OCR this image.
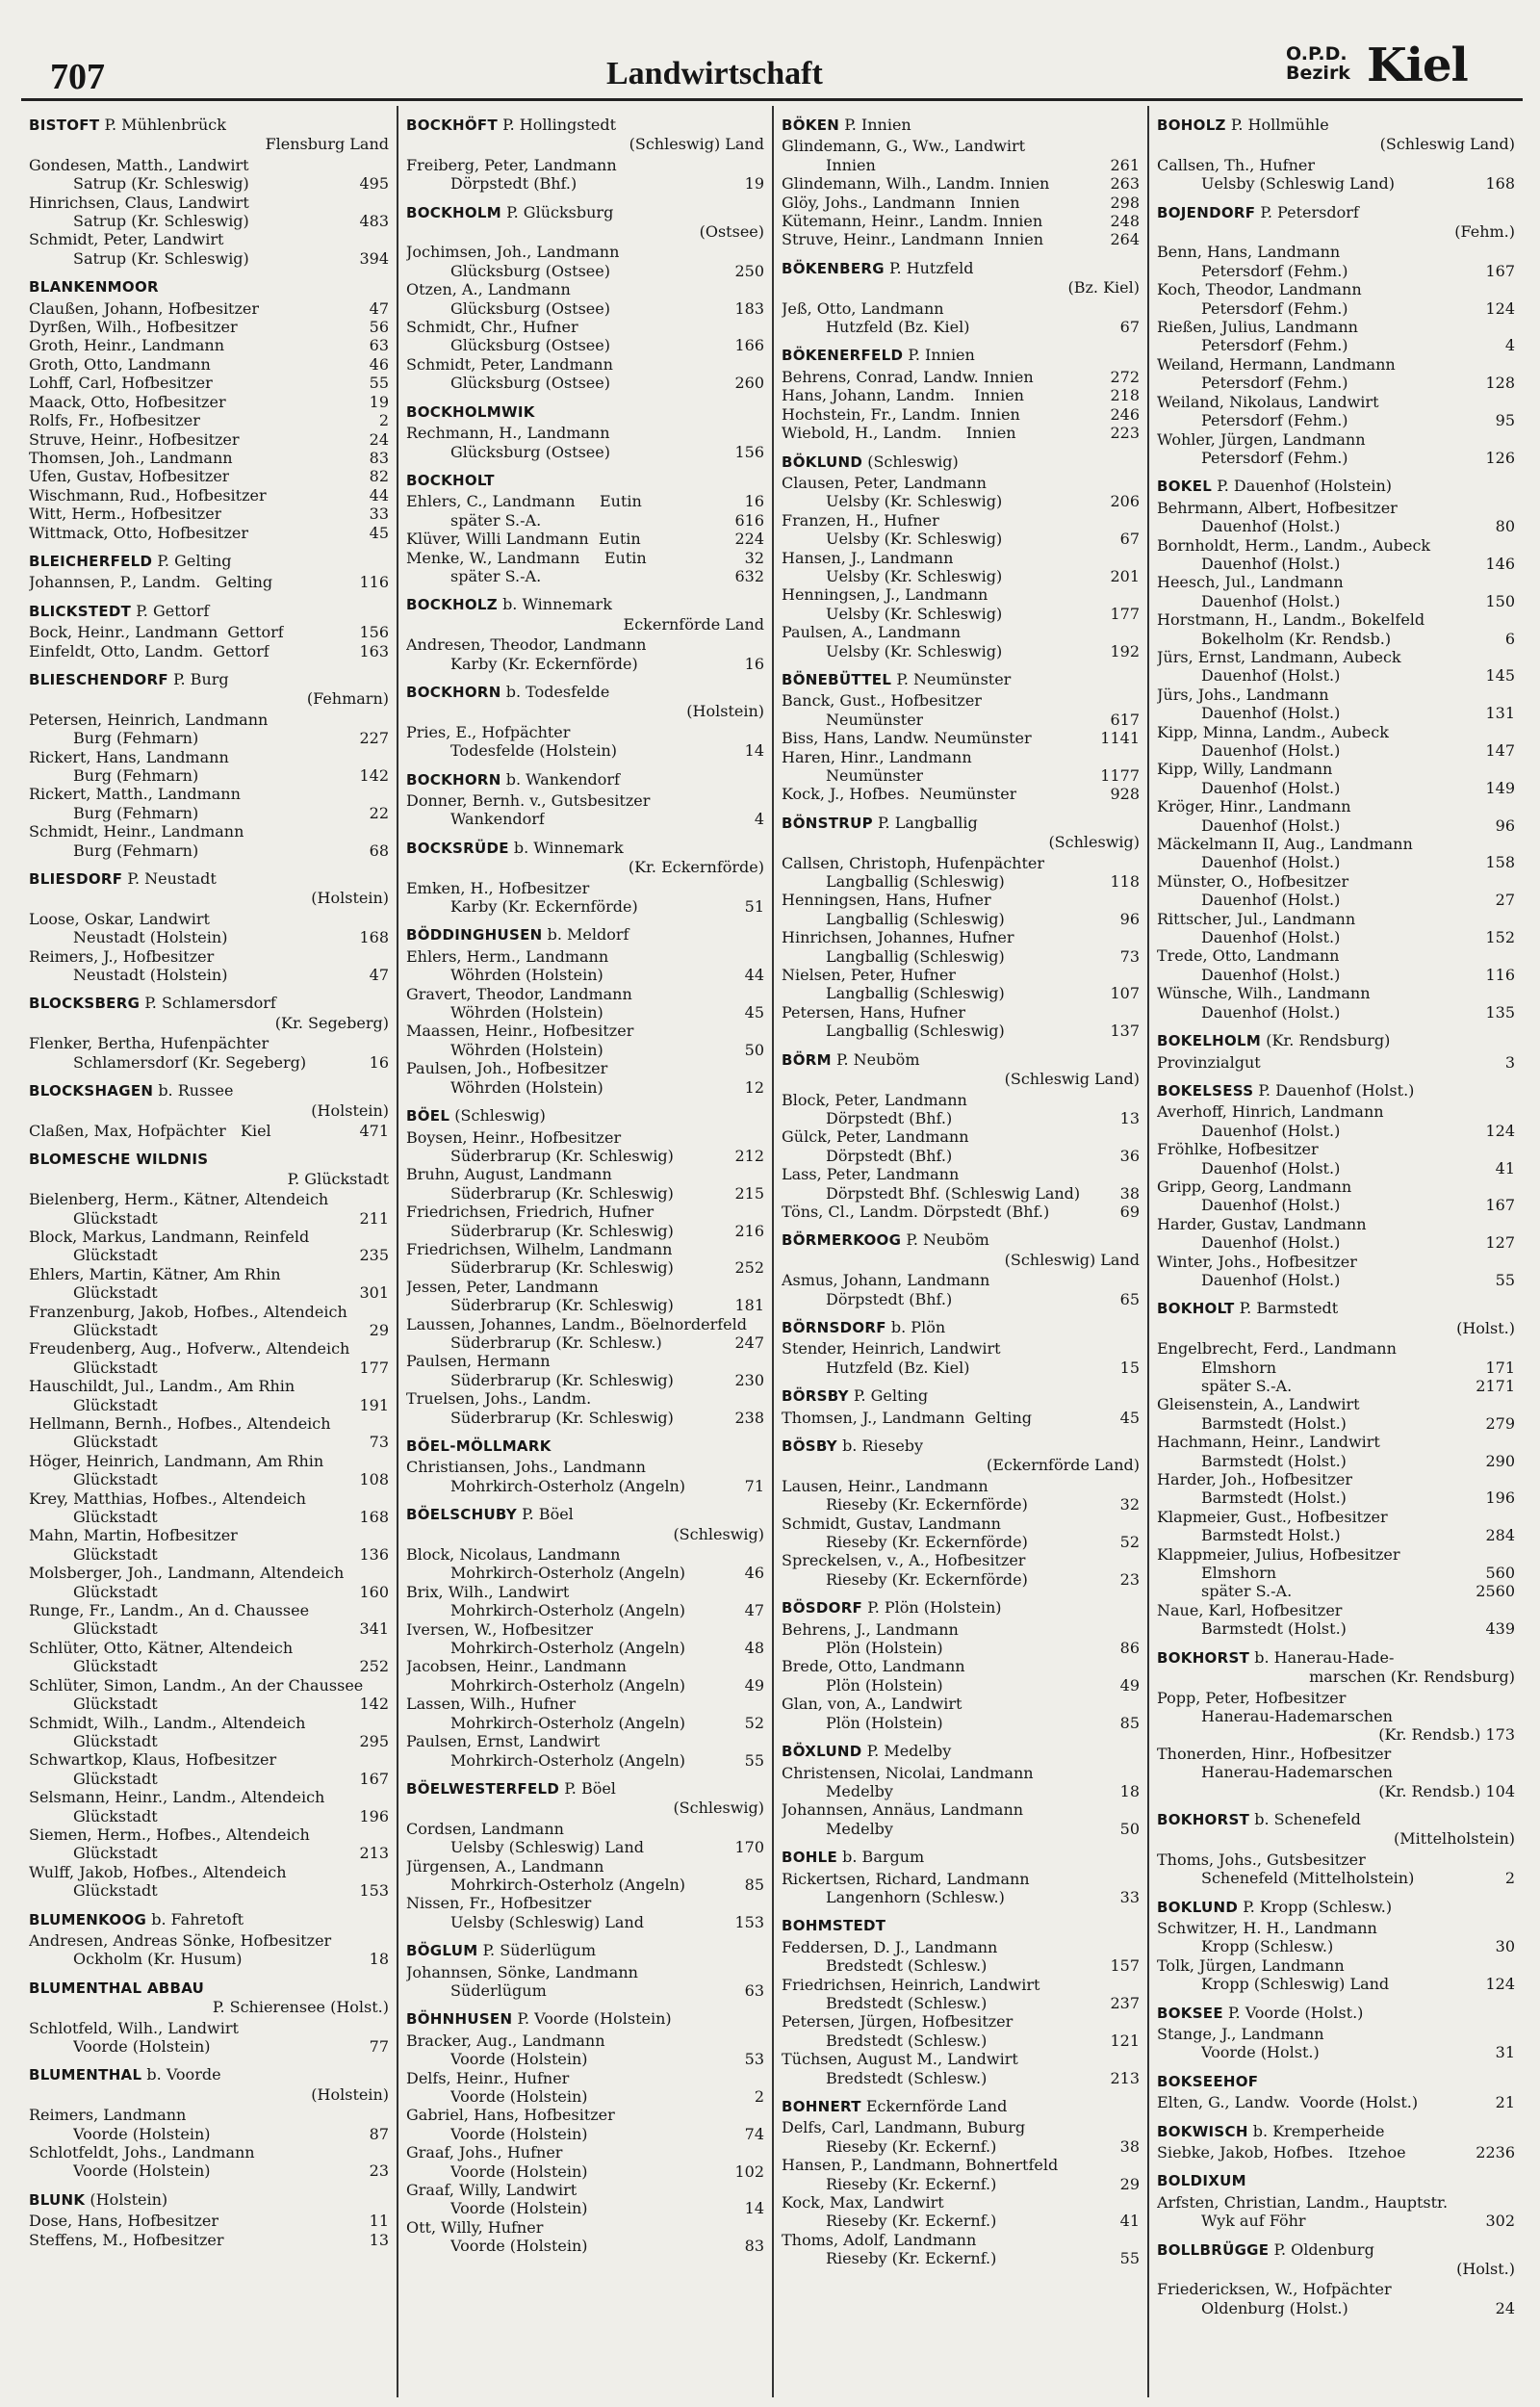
707	Landwirtschaft
O.P.D.
Bezirk Kiel
BISTOFT P. Mühlenbrück
Flensburg Land
Gondesen, Matth., Landwirt
Satrup (Kr. Schleswig)	495
Hinrichsen, Claus, Landwirt
Satrup (Kr. Schleswig)	483
Schmidt, Peter, Landwirt
Satrup (Kr. Schleswig)	394
BLANKENMOOR
Claußen, Johann, Hofbesitzer	47
Dyrßen, Wilh., Hofbesitzer	56
Groth, Heinr., Landmann	63
Groth, Otto, Landmann	46
Lohff, Carl, Hofbesitzer	55
Maack, Otto, Hofbesitzer	19
Rolfs, Fr., Hofbesitzer	2
Struve, Heinr., Hofbesitzer	24
Thomsen, Joh., Landmann	83
Ufen, Gustav, Hofbesitzer	82
Wischmann, Rud., Hofbesitzer	44
Witt, Herm., Hofbesitzer	33
Wittmack, Otto, Hofbesitzer	45
BLEICHERFELD P. Gelting
Johannsen, P., Landm.   Gelting	116
BLICKSTEDT P. Gettorf
Bock, Heinr., Landmann  Gettorf	156
Einfeldt, Otto, Landm.  Gettorf	163
BLIESCHENDORF P. Burg
(Fehmarn)
Petersen, Heinrich, Landmann
Burg (Fehmarn)	227
Rickert, Hans, Landmann
Burg (Fehmarn)	142
Rickert, Matth., Landmann
Burg (Fehmarn)	22
Schmidt, Heinr., Landmann
Burg (Fehmarn)	68
BLIESDORF P. Neustadt
(Holstein)
Loose, Oskar, Landwirt
Neustadt (Holstein)	168
Reimers, J., Hofbesitzer
Neustadt (Holstein)	47
BLOCKSBERG P. Schlamersdorf
(Kr. Segeberg)
Flenker, Bertha, Hufenpächter
Schlamersdorf (Kr. Segeberg)	16
BLOCKSHAGEN b. Russee
(Holstein)
Claßen, Max, Hofpächter   Kiel	471
BLOMESCHE WILDNIS
P. Glückstadt
Bielenberg, Herm., Kätner, Altendeich
Glückstadt	211
Block, Markus, Landmann, Reinfeld
Glückstadt	235
Ehlers, Martin, Kätner, Am Rhin
Glückstadt	301
Franzenburg, Jakob, Hofbes., Altendeich
Glückstadt	29
Freudenberg, Aug., Hofverw., Altendeich
Glückstadt	177
Hauschildt, Jul., Landm., Am Rhin
Glückstadt	191
Hellmann, Bernh., Hofbes., Altendeich
Glückstadt	73
Höger, Heinrich, Landmann, Am Rhin
Glückstadt	108
Krey, Matthias, Hofbes., Altendeich
Glückstadt	168
Mahn, Martin, Hofbesitzer
Glückstadt	136
Molsberger, Joh., Landmann, Altendeich
Glückstadt	160
Runge, Fr., Landm., An d. Chaussee
Glückstadt	341
Schlüter, Otto, Kätner, Altendeich
Glückstadt	252
Schlüter, Simon, Landm., An der Chaussee
Glückstadt	142
Schmidt, Wilh., Landm., Altendeich
Glückstadt	295
Schwartkop, Klaus, Hofbesitzer
Glückstadt	167
Selsmann, Heinr., Landm., Altendeich
Glückstadt	196
Siemen, Herm., Hofbes., Altendeich
Glückstadt	213
Wulff, Jakob, Hofbes., Altendeich
Glückstadt	153
BLUMENKOOG b. Fahretoft
Andresen, Andreas Sönke, Hofbesitzer
Ockholm (Kr. Husum)	18
BLUMENTHAL ABBAU
P. Schierensee (Holst.)
Schlotfeld, Wilh., Landwirt
Voorde (Holstein)	77
BLUMENTHAL b. Voorde
(Holstein)
Reimers, Landmann
Voorde (Holstein)	87
Schlotfeldt, Johs., Landmann
Voorde (Holstein)	23
BLUNK (Holstein)
Dose, Hans, Hofbesitzer	11
Steffens, M., Hofbesitzer	13
BOCKHÖFT P. Hollingstedt
(Schleswig) Land
Freiberg, Peter, Landmann
Dörpstedt (Bhf.)	19
BOCKHOLM P. Glücksburg
(Ostsee)
Jochimsen, Joh., Landmann
Glücksburg (Ostsee)	250
Otzen, A., Landmann
Glücksburg (Ostsee)	183
Schmidt, Chr., Hufner
Glücksburg (Ostsee)	166
Schmidt, Peter, Landmann
Glücksburg (Ostsee)	260
BOCKHOLMWIK
Rechmann, H., Landmann
Glücksburg (Ostsee)	156
BOCKHOLT
Ehlers, C., Landmann     Eutin	16
später S.-A.	616
Klüver, Willi Landmann  Eutin	224
Menke, W., Landmann     Eutin	32
später S.-A.	632
BOCKHOLZ b. Winnemark
Eckernförde Land
Andresen, Theodor, Landmann
Karby (Kr. Eckernförde)	16
BOCKHORN b. Todesfelde
(Holstein)
Pries, E., Hofpächter
Todesfelde (Holstein)	14
BOCKHORN b. Wankendorf
Donner, Bernh. v., Gutsbesitzer
Wankendorf	4
BOCKSRÜDE b. Winnemark
(Kr. Eckernförde)
Emken, H., Hofbesitzer
Karby (Kr. Eckernförde)	51
BÖDDINGHUSEN b. Meldorf
Ehlers, Herm., Landmann
Wöhrden (Holstein)	44
Gravert, Theodor, Landmann
Wöhrden (Holstein)	45
Maassen, Heinr., Hofbesitzer
Wöhrden (Holstein)	50
Paulsen, Joh., Hofbesitzer
Wöhrden (Holstein)	12
BÖEL (Schleswig)
Boysen, Heinr., Hofbesitzer
Süderbrarup (Kr. Schleswig)	212
Bruhn, August, Landmann
Süderbrarup (Kr. Schleswig)	215
Friedrichsen, Friedrich, Hufner
Süderbrarup (Kr. Schleswig)	216
Friedrichsen, Wilhelm, Landmann
Süderbrarup (Kr. Schleswig)	252
Jessen, Peter, Landmann
Süderbrarup (Kr. Schleswig)	181
Laussen, Johannes, Landm., Böelnorderfeld
Süderbrarup (Kr. Schlesw.)	247
Paulsen, Hermann
Süderbrarup (Kr. Schleswig)	230
Truelsen, Johs., Landm.
Süderbrarup (Kr. Schleswig)	238
BÖEL-MÖLLMARK
Christiansen, Johs., Landmann
Mohrkirch-Osterholz (Angeln)	71
BÖELSCHUBY P. Böel
(Schleswig)
Block, Nicolaus, Landmann
Mohrkirch-Osterholz (Angeln)	46
Brix, Wilh., Landwirt
Mohrkirch-Osterholz (Angeln)	47
Iversen, W., Hofbesitzer
Mohrkirch-Osterholz (Angeln)	48
Jacobsen, Heinr., Landmann
Mohrkirch-Osterholz (Angeln)	49
Lassen, Wilh., Hufner
Mohrkirch-Osterholz (Angeln)	52
Paulsen, Ernst, Landwirt
Mohrkirch-Osterholz (Angeln)	55
BÖELWESTERFELD P. Böel
(Schleswig)
Cordsen, Landmann
Uelsby (Schleswig) Land	170
Jürgensen, A., Landmann
Mohrkirch-Osterholz (Angeln)	85
Nissen, Fr., Hofbesitzer
Uelsby (Schleswig) Land	153
BÖGLUM P. Süderlügum
Johannsen, Sönke, Landmann
Süderlügum	63
BÖHNHUSEN P. Voorde (Holstein)
Bracker, Aug., Landmann
Voorde (Holstein)	53
Delfs, Heinr., Hufner
Voorde (Holstein)	2
Gabriel, Hans, Hofbesitzer
Voorde (Holstein)	74
Graaf, Johs., Hufner
Voorde (Holstein)	102
Graaf, Willy, Landwirt
Voorde (Holstein)	14
Ott, Willy, Hufner
Voorde (Holstein)	83
BÖKEN P. Innien
Glindemann, G., Ww., Landwirt
Innien	261
Glindemann, Wilh., Landm. Innien	263
Glöy, Johs., Landmann   Innien	298
Kütemann, Heinr., Landm. Innien	248
Struve, Heinr., Landmann  Innien	264
BÖKENBERG P. Hutzfeld
(Bz. Kiel)
Jeß, Otto, Landmann
Hutzfeld (Bz. Kiel)	67
BÖKENERFELD P. Innien
Behrens, Conrad, Landw. Innien	272
Hans, Johann, Landm.    Innien	218
Hochstein, Fr., Landm.  Innien	246
Wiebold, H., Landm.     Innien	223
BÖKLUND (Schleswig)
Clausen, Peter, Landmann
Uelsby (Kr. Schleswig)	206
Franzen, H., Hufner
Uelsby (Kr. Schleswig)	67
Hansen, J., Landmann
Uelsby (Kr. Schleswig)	201
Henningsen, J., Landmann
Uelsby (Kr. Schleswig)	177
Paulsen, A., Landmann
Uelsby (Kr. Schleswig)	192
BÖNEBÜTTEL P. Neumünster
Banck, Gust., Hofbesitzer
Neumünster	617
Biss, Hans, Landw. Neumünster	1141
Haren, Hinr., Landmann
Neumünster	1177
Kock, J., Hofbes.  Neumünster	928
BÖNSTRUP P. Langballig
(Schleswig)
Callsen, Christoph, Hufenpächter
Langballig (Schleswig)	118
Henningsen, Hans, Hufner
Langballig (Schleswig)	96
Hinrichsen, Johannes, Hufner
Langballig (Schleswig)	73
Nielsen, Peter, Hufner
Langballig (Schleswig)	107
Petersen, Hans, Hufner
Langballig (Schleswig)	137
BÖRM P. Neuböm
(Schleswig Land)
Block, Peter, Landmann
Dörpstedt (Bhf.)	13
Gülck, Peter, Landmann
Dörpstedt (Bhf.)	36
Lass, Peter, Landmann
Dörpstedt Bhf. (Schleswig Land)	38
Töns, Cl., Landm. Dörpstedt (Bhf.)	69
BÖRMERKOOG P. Neuböm
(Schleswig) Land
Asmus, Johann, Landmann
Dörpstedt (Bhf.)	65
BÖRNSDORF b. Plön
Stender, Heinrich, Landwirt
Hutzfeld (Bz. Kiel)	15
BÖRSBY P. Gelting
Thomsen, J., Landmann  Gelting	45
BÖSBY b. Rieseby
(Eckernförde Land)
Lausen, Heinr., Landmann
Rieseby (Kr. Eckernförde)	32
Schmidt, Gustav, Landmann
Rieseby (Kr. Eckernförde)	52
Spreckelsen, v., A., Hofbesitzer
Rieseby (Kr. Eckernförde)	23
BÖSDORF P. Plön (Holstein)
Behrens, J., Landmann
Plön (Holstein)	86
Brede, Otto, Landmann
Plön (Holstein)	49
Glan, von, A., Landwirt
Plön (Holstein)	85
BÖXLUND P. Medelby
Christensen, Nicolai, Landmann
Medelby	18
Johannsen, Annäus, Landmann
Medelby	50
BOHLE b. Bargum
Rickertsen, Richard, Landmann
Langenhorn (Schlesw.)	33
BOHMSTEDT
Feddersen, D. J., Landmann
Bredstedt (Schlesw.)	157
Friedrichsen, Heinrich, Landwirt
Bredstedt (Schlesw.)	237
Petersen, Jürgen, Hofbesitzer
Bredstedt (Schlesw.)	121
Tüchsen, August M., Landwirt
Bredstedt (Schlesw.)	213
BOHNERT Eckernförde Land
Delfs, Carl, Landmann, Buburg
Rieseby (Kr. Eckernf.)	38
Hansen, P., Landmann, Bohnertfeld
Rieseby (Kr. Eckernf.)	29
Kock, Max, Landwirt
Rieseby (Kr. Eckernf.)	41
Thoms, Adolf, Landmann
Rieseby (Kr. Eckernf.)	55
BOHOLZ P. Hollmühle
(Schleswig Land)
Callsen, Th., Hufner
Uelsby (Schleswig Land)	168
BOJENDORF P. Petersdorf
(Fehm.)
Benn, Hans, Landmann
Petersdorf (Fehm.)	167
Koch, Theodor, Landmann
Petersdorf (Fehm.)	124
Rießen, Julius, Landmann
Petersdorf (Fehm.)	4
Weiland, Hermann, Landmann
Petersdorf (Fehm.)	128
Weiland, Nikolaus, Landwirt
Petersdorf (Fehm.)	95
Wohler, Jürgen, Landmann
Petersdorf (Fehm.)	126
BOKEL P. Dauenhof (Holstein)
Behrmann, Albert, Hofbesitzer
Dauenhof (Holst.)	80
Bornholdt, Herm., Landm., Aubeck
Dauenhof (Holst.)	146
Heesch, Jul., Landmann
Dauenhof (Holst.)	150
Horstmann, H., Landm., Bokelfeld
Bokelholm (Kr. Rendsb.)	6
Jürs, Ernst, Landmann, Aubeck
Dauenhof (Holst.)	145
Jürs, Johs., Landmann
Dauenhof (Holst.)	131
Kipp, Minna, Landm., Aubeck
Dauenhof (Holst.)	147
Kipp, Willy, Landmann
Dauenhof (Holst.)	149
Kröger, Hinr., Landmann
Dauenhof (Holst.)	96
Mäckelmann II, Aug., Landmann
Dauenhof (Holst.)	158
Münster, O., Hofbesitzer
Dauenhof (Holst.)	27
Rittscher, Jul., Landmann
Dauenhof (Holst.)	152
Trede, Otto, Landmann
Dauenhof (Holst.)	116
Wünsche, Wilh., Landmann
Dauenhof (Holst.)	135
BOKELHOLM (Kr. Rendsburg)
Provinzialgut	3
BOKELSESS P. Dauenhof (Holst.)
Averhoff, Hinrich, Landmann
Dauenhof (Holst.)	124
Fröhlke, Hofbesitzer
Dauenhof (Holst.)	41
Gripp, Georg, Landmann
Dauenhof (Holst.)	167
Harder, Gustav, Landmann
Dauenhof (Holst.)	127
Winter, Johs., Hofbesitzer
Dauenhof (Holst.)	55
BOKHOLT P. Barmstedt
(Holst.)
Engelbrecht, Ferd., Landmann
Elmshorn	171
später S.-A.	2171
Gleisenstein, A., Landwirt
Barmstedt (Holst.)	279
Hachmann, Heinr., Landwirt
Barmstedt (Holst.)	290
Harder, Joh., Hofbesitzer
Barmstedt (Holst.)	196
Klapmeier, Gust., Hofbesitzer
Barmstedt Holst.)	284
Klappmeier, Julius, Hofbesitzer
Elmshorn	560
später S.-A.	2560
Naue, Karl, Hofbesitzer
Barmstedt (Holst.)	439
BOKHORST b. Hanerau-Hade-
marschen (Kr. Rendsburg)
Popp, Peter, Hofbesitzer
Hanerau-Hademarschen
(Kr. Rendsb.) 173
Thonerden, Hinr., Hofbesitzer
Hanerau-Hademarschen
(Kr. Rendsb.) 104
BOKHORST b. Schenefeld
(Mittelholstein)
Thoms, Johs., Gutsbesitzer
Schenefeld (Mittelholstein)	2
BOKLUND P. Kropp (Schlesw.)
Schwitzer, H. H., Landmann
Kropp (Schlesw.)	30
Tolk, Jürgen, Landmann
Kropp (Schleswig) Land	124
BOKSEE P. Voorde (Holst.)
Stange, J., Landmann
Voorde (Holst.)	31
BOKSEEHOF
Elten, G., Landw.  Voorde (Holst.)	21
BOKWISCH b. Kremperheide
Siebke, Jakob, Hofbes.   Itzehoe	2236
BOLDIXUM
Arfsten, Christian, Landm., Hauptstr.
Wyk auf Föhr	302
BOLLBRÜGGE P. Oldenburg
(Holst.)
Friedericksen, W., Hofpächter
Oldenburg (Holst.)	24
